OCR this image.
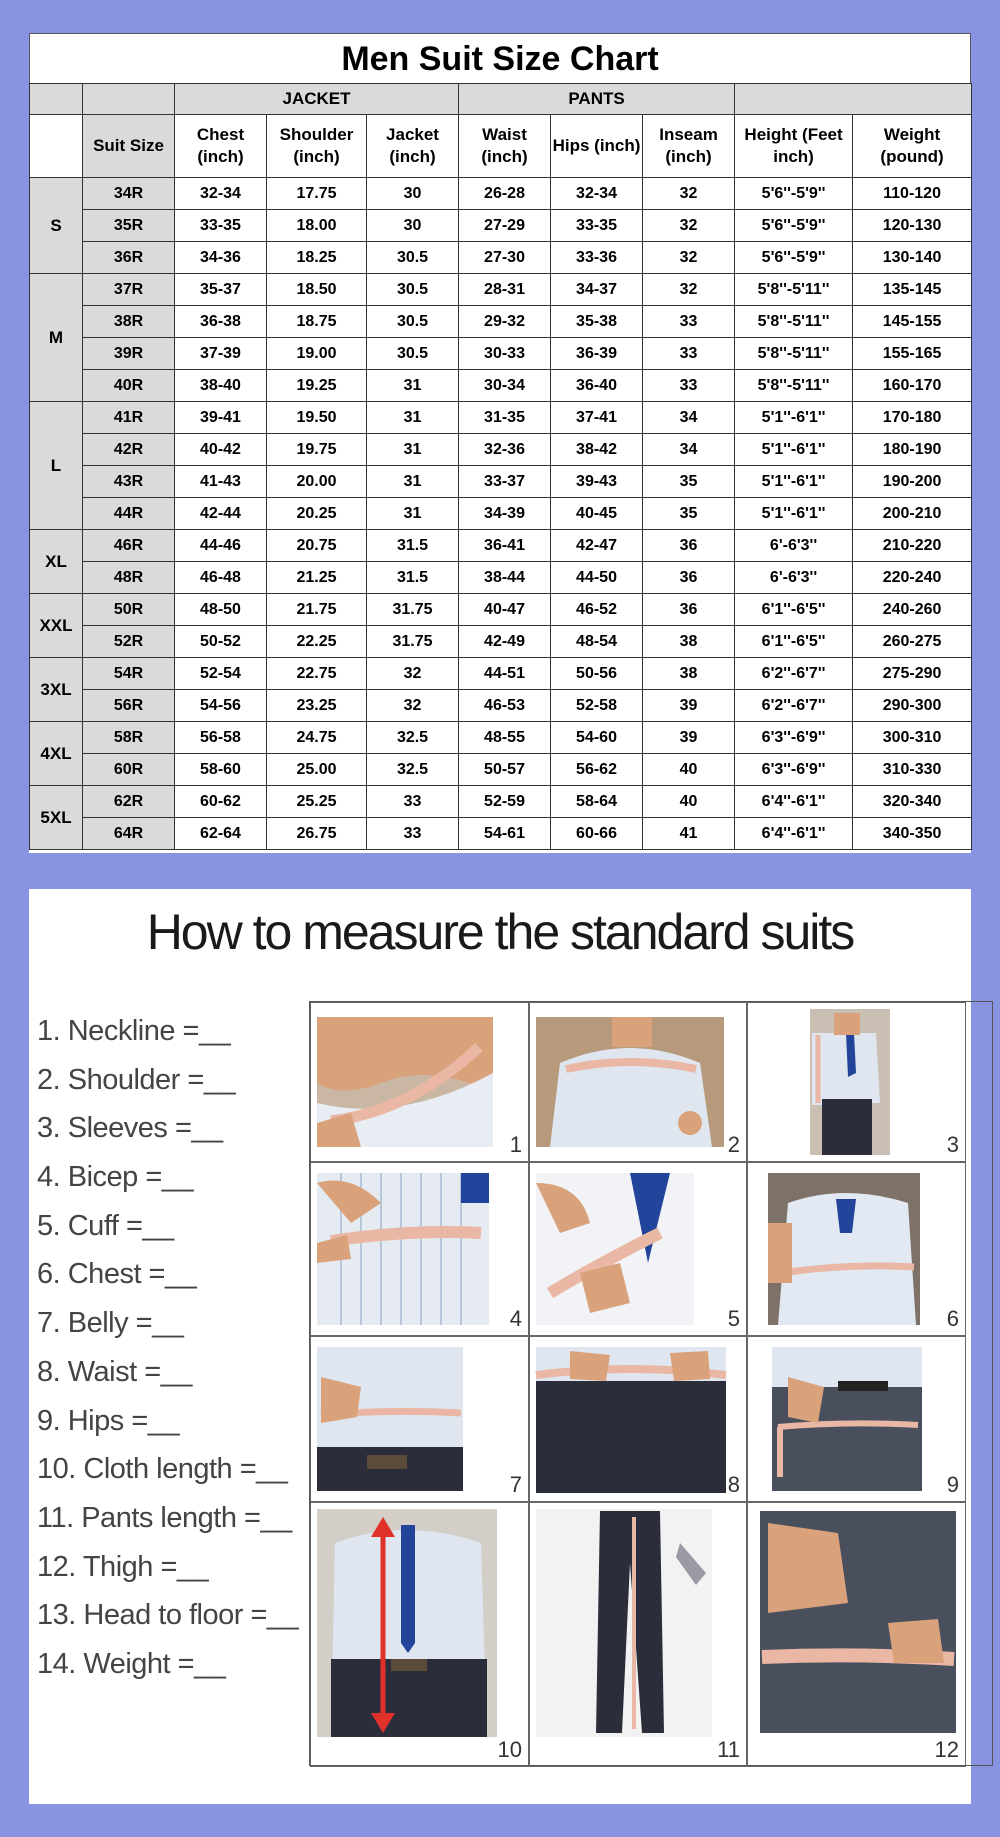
Men Suit Size Chart
		JACKET			PANTS				
	Suit Size	Chest (inch)	Shoulder (inch)	Jacket (inch)	Waist (inch)	Hips (inch)	Inseam (inch)	Height (Feet inch)	Weight (pound)
S	34R	32-34	17.75	30	26-28	32-34	32	5'6''-5'9''	110-120
	35R	33-35	18.00	30	27-29	33-35	32	5'6''-5'9''	120-130
	36R	34-36	18.25	30.5	27-30	33-36	32	5'6''-5'9''	130-140
M	37R	35-37	18.50	30.5	28-31	34-37	32	5'8''-5'11''	135-145
	38R	36-38	18.75	30.5	29-32	35-38	33	5'8''-5'11''	145-155
	39R	37-39	19.00	30.5	30-33	36-39	33	5'8''-5'11''	155-165
	40R	38-40	19.25	31	30-34	36-40	33	5'8''-5'11''	160-170
L	41R	39-41	19.50	31	31-35	37-41	34	5'1''-6'1''	170-180
	42R	40-42	19.75	31	32-36	38-42	34	5'1''-6'1''	180-190
	43R	41-43	20.00	31	33-37	39-43	35	5'1''-6'1''	190-200
	44R	42-44	20.25	31	34-39	40-45	35	5'1''-6'1''	200-210
XL	46R	44-46	20.75	31.5	36-41	42-47	36	6'-6'3''	210-220
	48R	46-48	21.25	31.5	38-44	44-50	36	6'-6'3''	220-240
XXL	50R	48-50	21.75	31.75	40-47	46-52	36	6'1''-6'5''	240-260
	52R	50-52	22.25	31.75	42-49	48-54	38	6'1''-6'5''	260-275
3XL	54R	52-54	22.75	32	44-51	50-56	38	6'2''-6'7''	275-290
	56R	54-56	23.25	32	46-53	52-58	39	6'2''-6'7''	290-300
4XL	58R	56-58	24.75	32.5	48-55	54-60	39	6'3''-6'9''	300-310
	60R	58-60	25.00	32.5	50-57	56-62	40	6'3''-6'9''	310-330
5XL	62R	60-62	25.25	33	52-59	58-64	40	6'4''-6'1''	320-340
	64R	62-64	26.75	33	54-61	60-66	41	6'4''-6'1''	340-350
How to measure the standard suits
1. Neckline =__
2. Shoulder =__
3. Sleeves =__
4. Bicep =__
5. Cuff =__
6. Chest =__
7. Belly =__
8. Waist =__
9. Hips =__
10. Cloth length =__
11. Pants length =__
12. Thigh =__
13. Head to floor =__
14. Weight =__
1	2	3
4	5	6
7	8	9
10	11	12
